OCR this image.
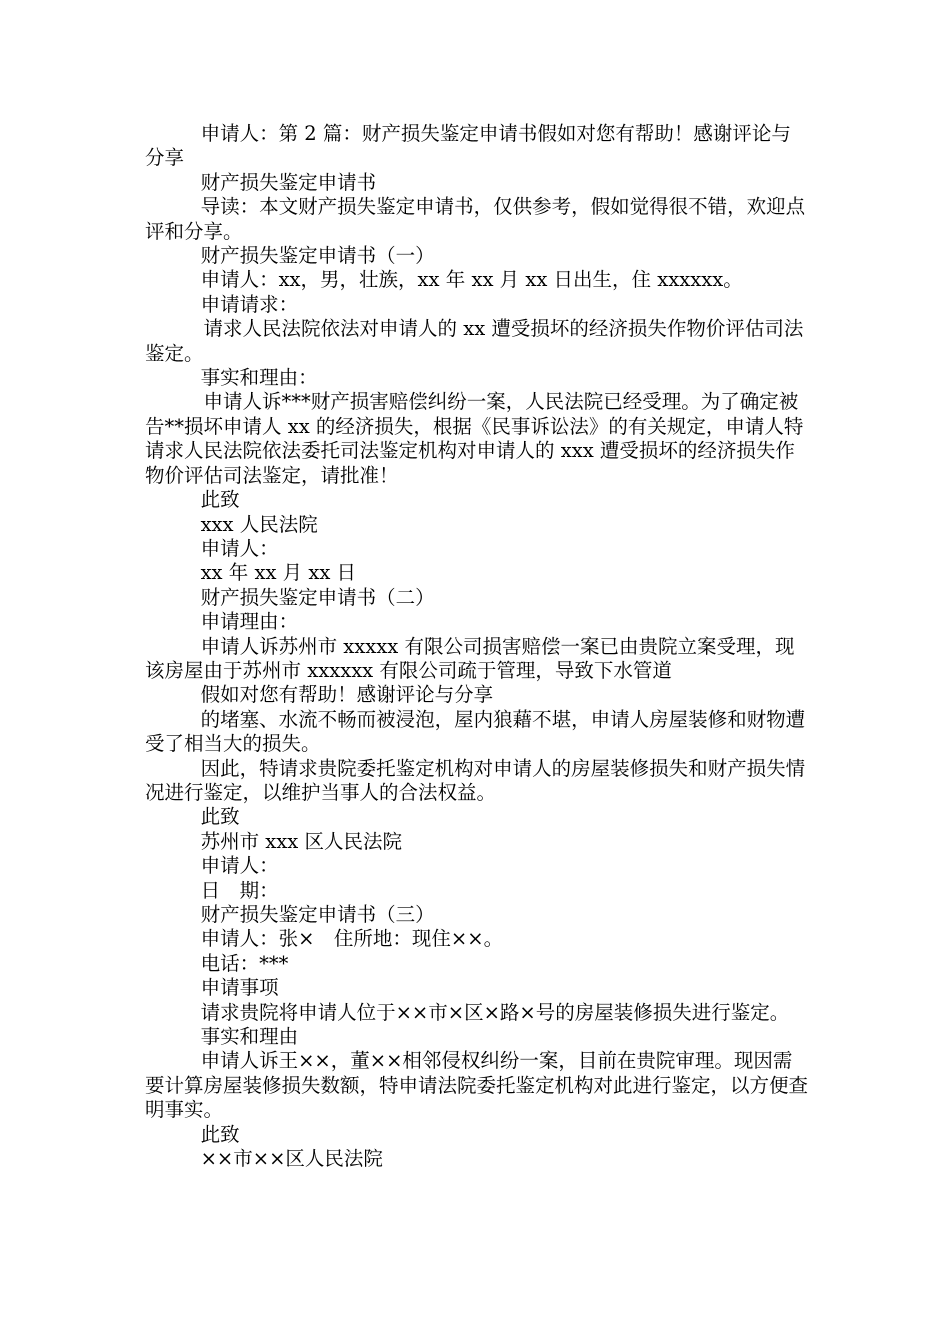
申请人：第 2 篇：财产损失鉴定申请书假如对您有帮助！感谢评论与分享

财产损失鉴定申请书

导读：本文财产损失鉴定申请书，仅供参考，假如觉得很不错，欢迎点评和分享。

财产损失鉴定申请书（一）

申请人：xx，男，壮族，xx 年 xx 月 xx 日出生，住 xxxxxx。

申请请求：

请求人民法院依法对申请人的 xx 遭受损坏的经济损失作物价评估司法鉴定。

事实和理由：

申请人诉***财产损害赔偿纠纷一案，人民法院已经受理。为了确定被告**损坏申请人 xx 的经济损失，根据《民事诉讼法》的有关规定，申请人特请求人民法院依法委托司法鉴定机构对申请人的 xxx 遭受损坏的经济损失作物价评估司法鉴定，请批准！

此致

xxx 人民法院

申请人：

xx 年 xx 月 xx 日

财产损失鉴定申请书（二）

申请理由：

申请人诉苏州市 xxxxx 有限公司损害赔偿一案已由贵院立案受理，现该房屋由于苏州市 xxxxxx 有限公司疏于管理，导致下水管道

假如对您有帮助！感谢评论与分享

的堵塞、水流不畅而被浸泡，屋内狼藉不堪，申请人房屋装修和财物遭受了相当大的损失。

因此，特请求贵院委托鉴定机构对申请人的房屋装修损失和财产损失情况进行鉴定，以维护当事人的合法权益。

此致

苏州市 xxx 区人民法院

申请人：

日　期：

财产损失鉴定申请书（三）

申请人：张×　住所地：现住××。

电话：***

申请事项

请求贵院将申请人位于××市×区×路×号的房屋装修损失进行鉴定。

事实和理由

申请人诉王××，董××相邻侵权纠纷一案，目前在贵院审理。现因需要计算房屋装修损失数额，特申请法院委托鉴定机构对此进行鉴定，以方便查明事实。

此致

××市××区人民法院
